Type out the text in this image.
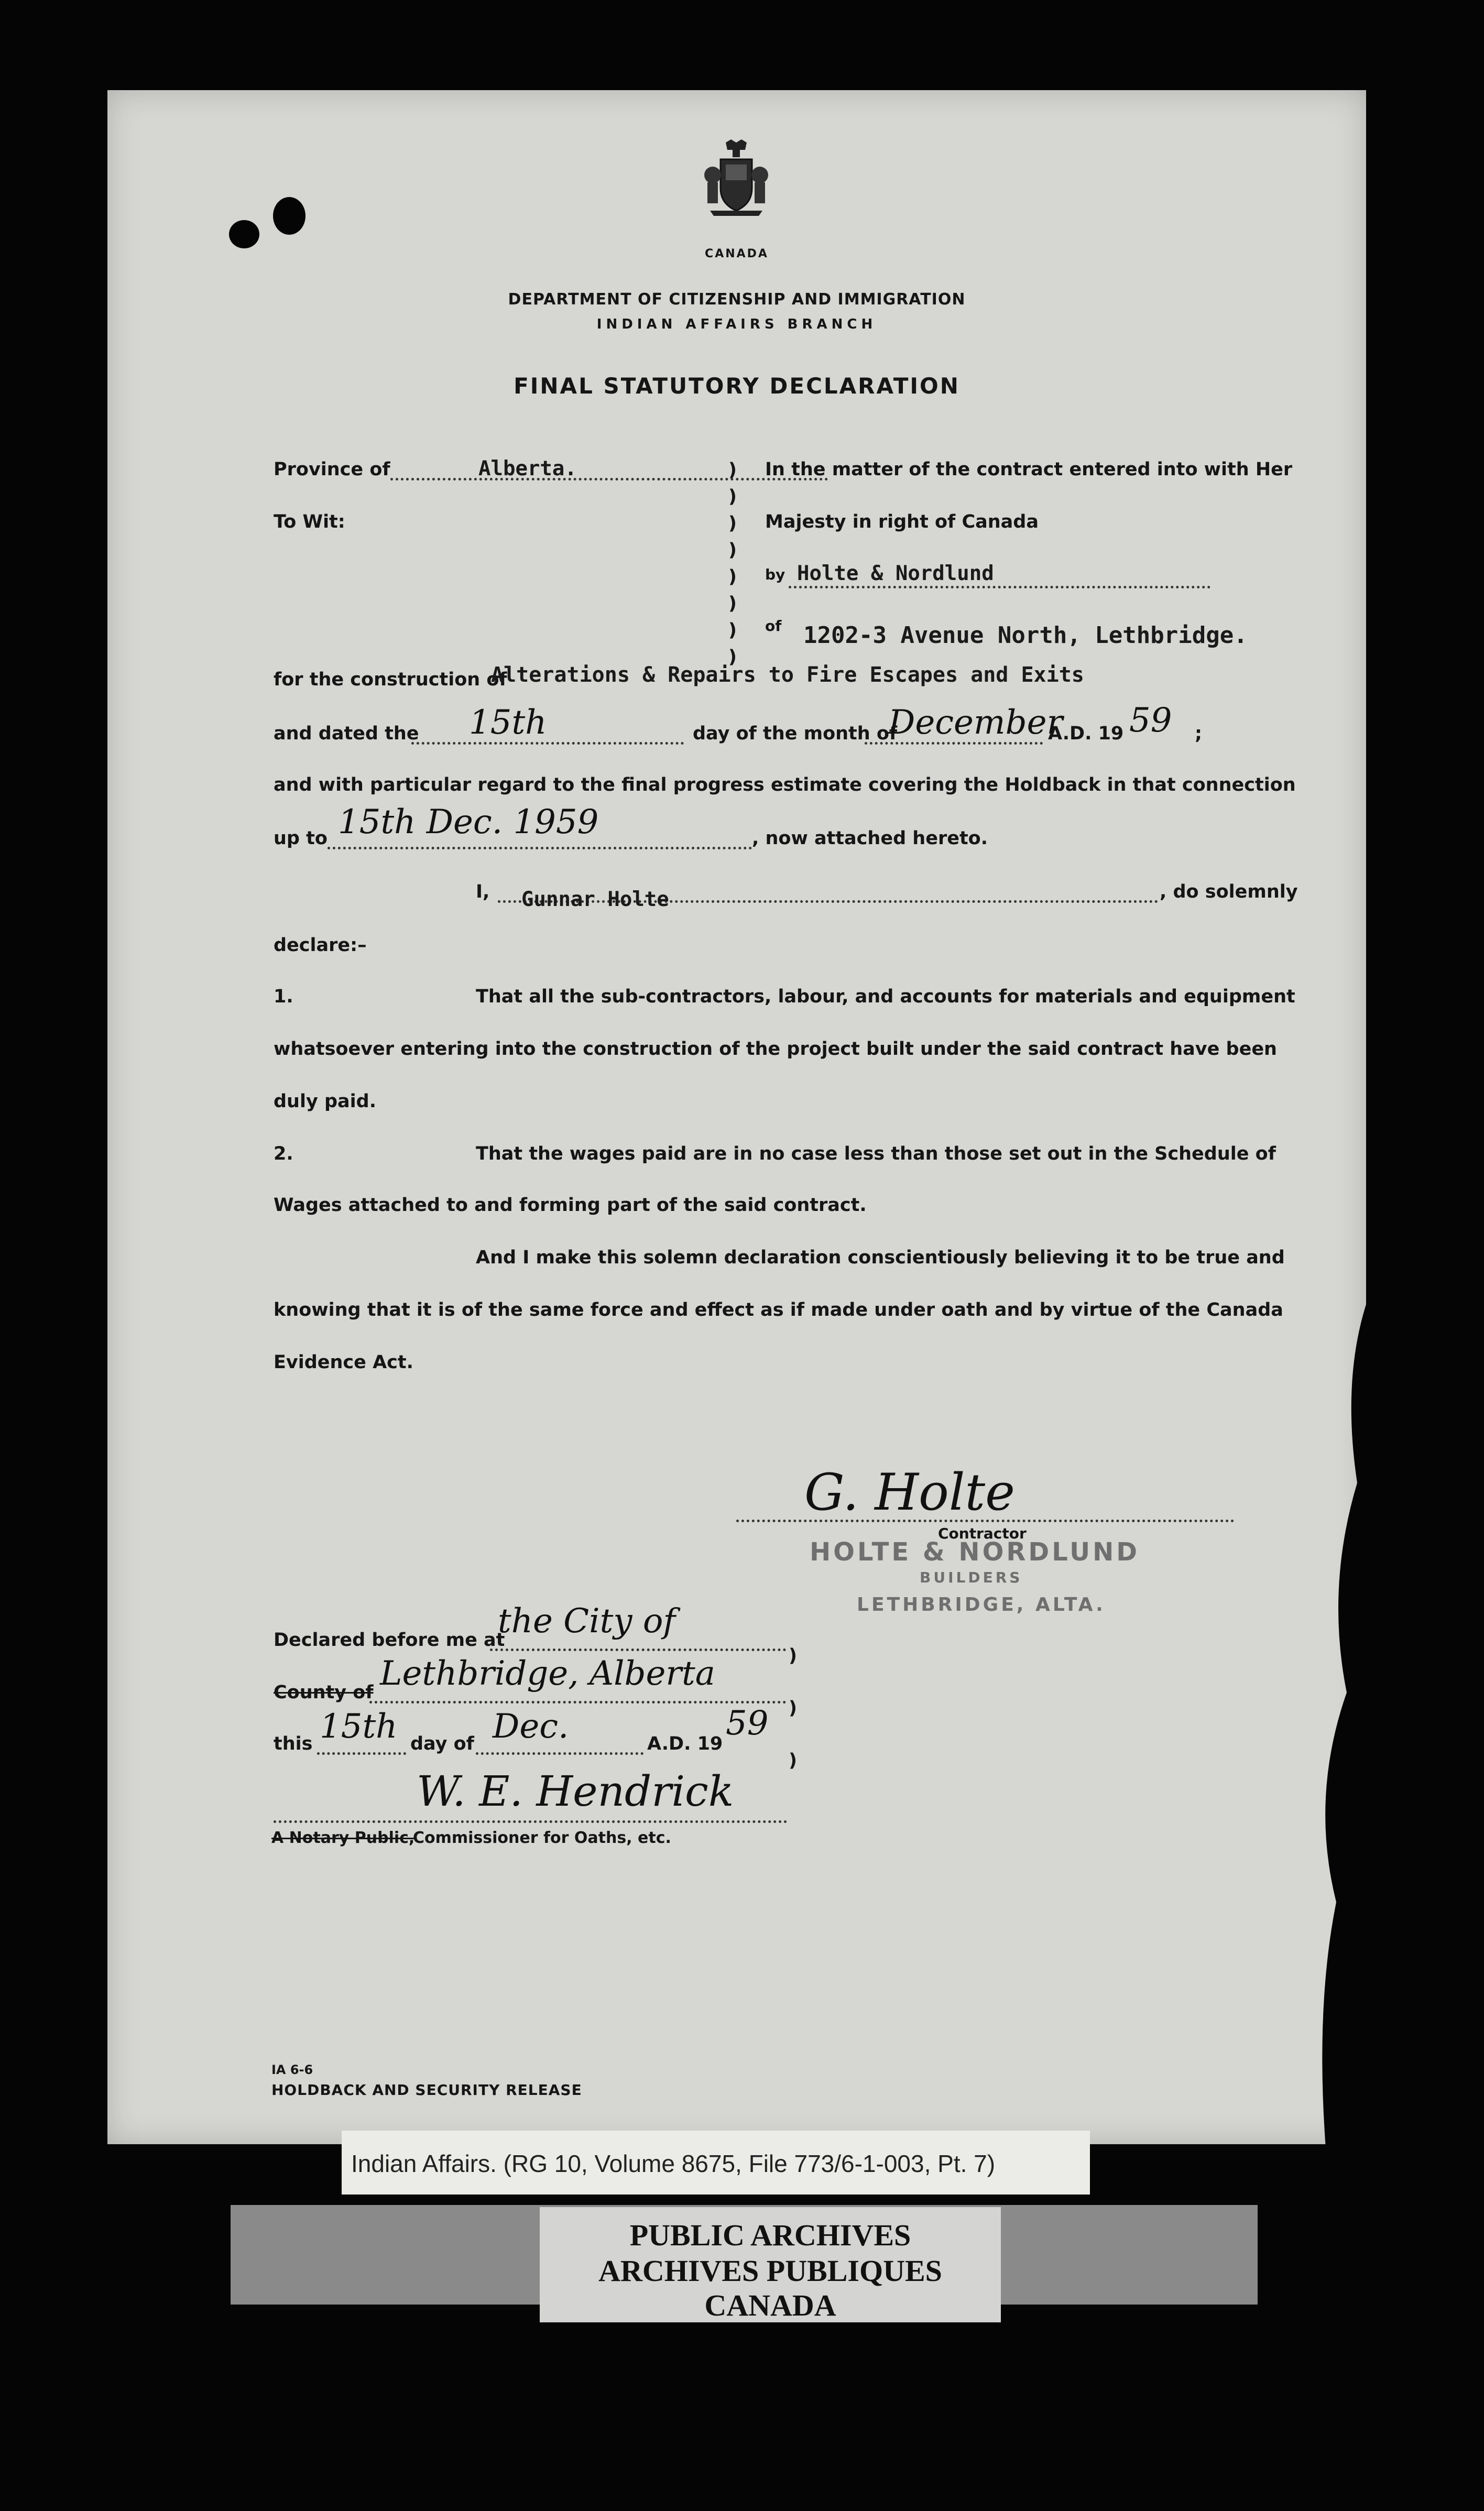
CANADA
DEPARTMENT OF CITIZENSHIP AND IMMIGRATION
INDIAN AFFAIRS BRANCH
FINAL STATUTORY DECLARATION
Province of	Alberta.
To Wit:
)
)
)
)
)
)
)
)
In the matter of the contract entered into with Her
Majesty in right of Canada
by Holte & Nordlund
of 1202-3 Avenue North, Lethbridge.
for the construction of
Alterations & Repairs to Fire Escapes and Exits
and dated the 15th	day of the month of
December
A.D. 19 59 ;
and with particular regard to the final progress estimate covering the Holdback in that connection
up to 15th Dec. 1959	, now attached hereto.
I, Gunnar Holte	, do solemnly
declare:–
1.	That all the sub-contractors, labour, and accounts for materials and equipment
whatsoever entering into the construction of the project built under the said contract have been
duly paid.
2.	That the wages paid are in no case less than those set out in the Schedule of
Wages attached to and forming part of the said contract.
And I make this solemn declaration conscientiously believing it to be true and
knowing that it is of the same force and effect as if made under oath and by virtue of the Canada
Evidence Act.
G. Holte
HOLTE & NORDLUND
Contractor
BUILDERS
LETHBRIDGE, ALTA.
Declared before me at
the City of
)
)
)
County of Lethbridge, Alberta
this 15th day of Dec.	A.D. 19
59
W. E. Hendrick
A Notary Public,
Commissioner for Oaths, etc.
IA 6-6
HOLDBACK AND SECURITY RELEASE
Indian Affairs. (RG 10, Volume 8675, File 773/6-1-003, Pt. 7)
PUBLIC ARCHIVES
ARCHIVES PUBLIQUES
CANADA
